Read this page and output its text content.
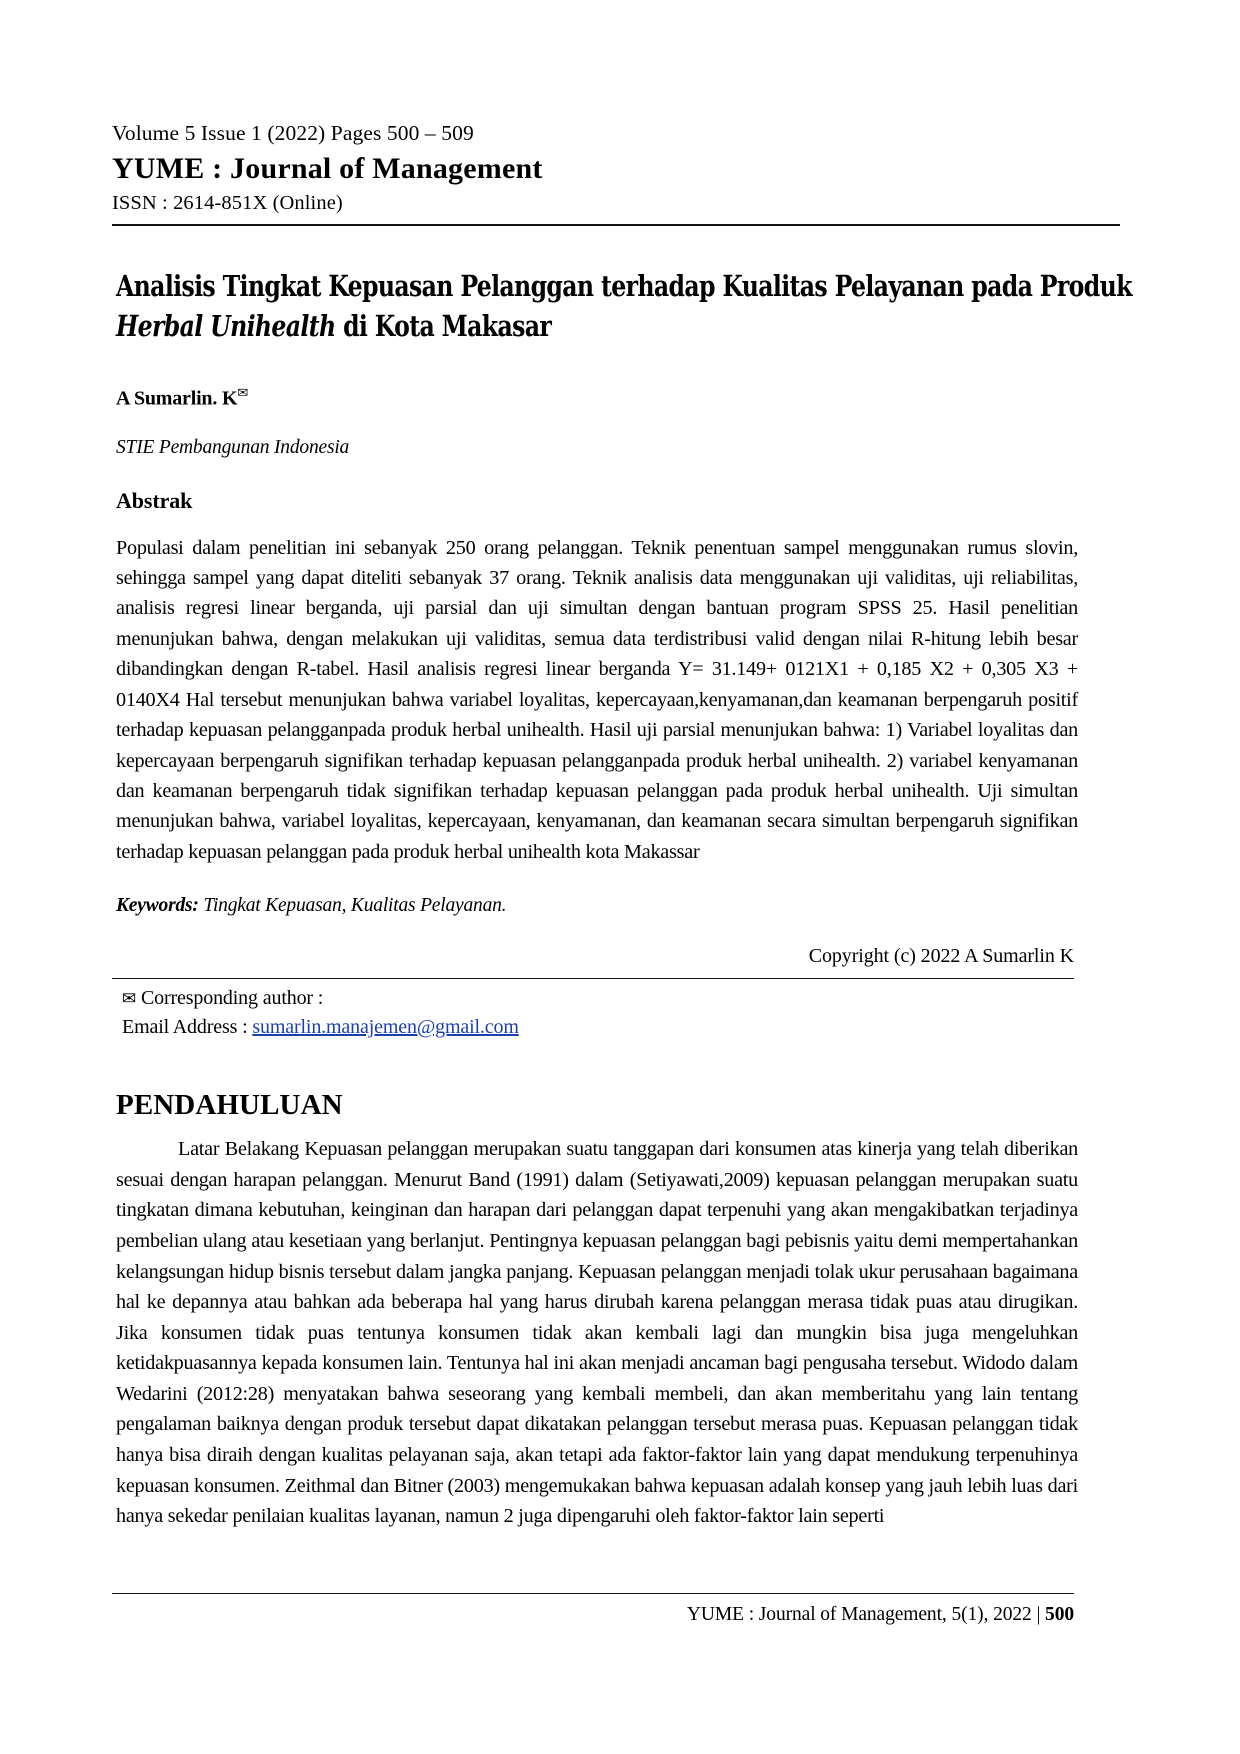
Volume 5 Issue 1 (2022) Pages 500 – 509
YUME : Journal of Management
ISSN : 2614-851X (Online)
Analisis Tingkat Kepuasan Pelanggan terhadap Kualitas Pelayanan pada Produk Herbal Unihealth di Kota Makasar
A Sumarlin. K✉
STIE Pembangunan Indonesia
Abstrak

Populasi dalam penelitian ini sebanyak 250 orang pelanggan. Teknik penentuan sampel menggunakan rumus slovin, sehingga sampel yang dapat diteliti sebanyak 37 orang. Teknik analisis data menggunakan uji validitas, uji reliabilitas, analisis regresi linear berganda, uji parsial dan uji simultan dengan bantuan program SPSS 25. Hasil penelitian menunjukan bahwa, dengan melakukan uji validitas, semua data terdistribusi valid dengan nilai R-hitung lebih besar dibandingkan dengan R-tabel. Hasil analisis regresi linear berganda Y= 31.149+ 0121X1 + 0,185 X2 + 0,305 X3 + 0140X4 Hal tersebut menunjukan bahwa variabel loyalitas, kepercayaan,kenyamanan,dan keamanan berpengaruh positif terhadap kepuasan pelangganpada produk herbal unihealth. Hasil uji parsial menunjukan bahwa: 1) Variabel loyalitas dan kepercayaan berpengaruh signifikan terhadap kepuasan pelangganpada produk herbal unihealth. 2) variabel kenyamanan dan keamanan berpengaruh tidak signifikan terhadap kepuasan pelanggan pada produk herbal unihealth. Uji simultan menunjukan bahwa, variabel loyalitas, kepercayaan, kenyamanan, dan keamanan secara simultan berpengaruh signifikan terhadap kepuasan pelanggan pada produk herbal unihealth kota Makassar

Keywords: Tingkat Kepuasan, Kualitas Pelayanan.

Copyright (c) 2022 A Sumarlin K
✉ Corresponding author :
Email Address : sumarlin.manajemen@gmail.com
PENDAHULUAN

Latar Belakang Kepuasan pelanggan merupakan suatu tanggapan dari konsumen atas kinerja yang telah diberikan sesuai dengan harapan pelanggan. Menurut Band (1991) dalam (Setiyawati,2009) kepuasan pelanggan merupakan suatu tingkatan dimana kebutuhan, keinginan dan harapan dari pelanggan dapat terpenuhi yang akan mengakibatkan terjadinya pembelian ulang atau kesetiaan yang berlanjut. Pentingnya kepuasan pelanggan bagi pebisnis yaitu demi mempertahankan kelangsungan hidup bisnis tersebut dalam jangka panjang. Kepuasan pelanggan menjadi tolak ukur perusahaan bagaimana hal ke depannya atau bahkan ada beberapa hal yang harus dirubah karena pelanggan merasa tidak puas atau dirugikan. Jika konsumen tidak puas tentunya konsumen tidak akan kembali lagi dan mungkin bisa juga mengeluhkan ketidakpuasannya kepada konsumen lain. Tentunya hal ini akan menjadi ancaman bagi pengusaha tersebut. Widodo dalam Wedarini (2012:28) menyatakan bahwa seseorang yang kembali membeli, dan akan memberitahu yang lain tentang pengalaman baiknya dengan produk tersebut dapat dikatakan pelanggan tersebut merasa puas. Kepuasan pelanggan tidak hanya bisa diraih dengan kualitas pelayanan saja, akan tetapi ada faktor-faktor lain yang dapat mendukung terpenuhinya kepuasan konsumen. Zeithmal dan Bitner (2003) mengemukakan bahwa kepuasan adalah konsep yang jauh lebih luas dari hanya sekedar penilaian kualitas layanan, namun 2 juga dipengaruhi oleh faktor-faktor lain seperti

YUME : Journal of Management, 5(1), 2022 | 500
